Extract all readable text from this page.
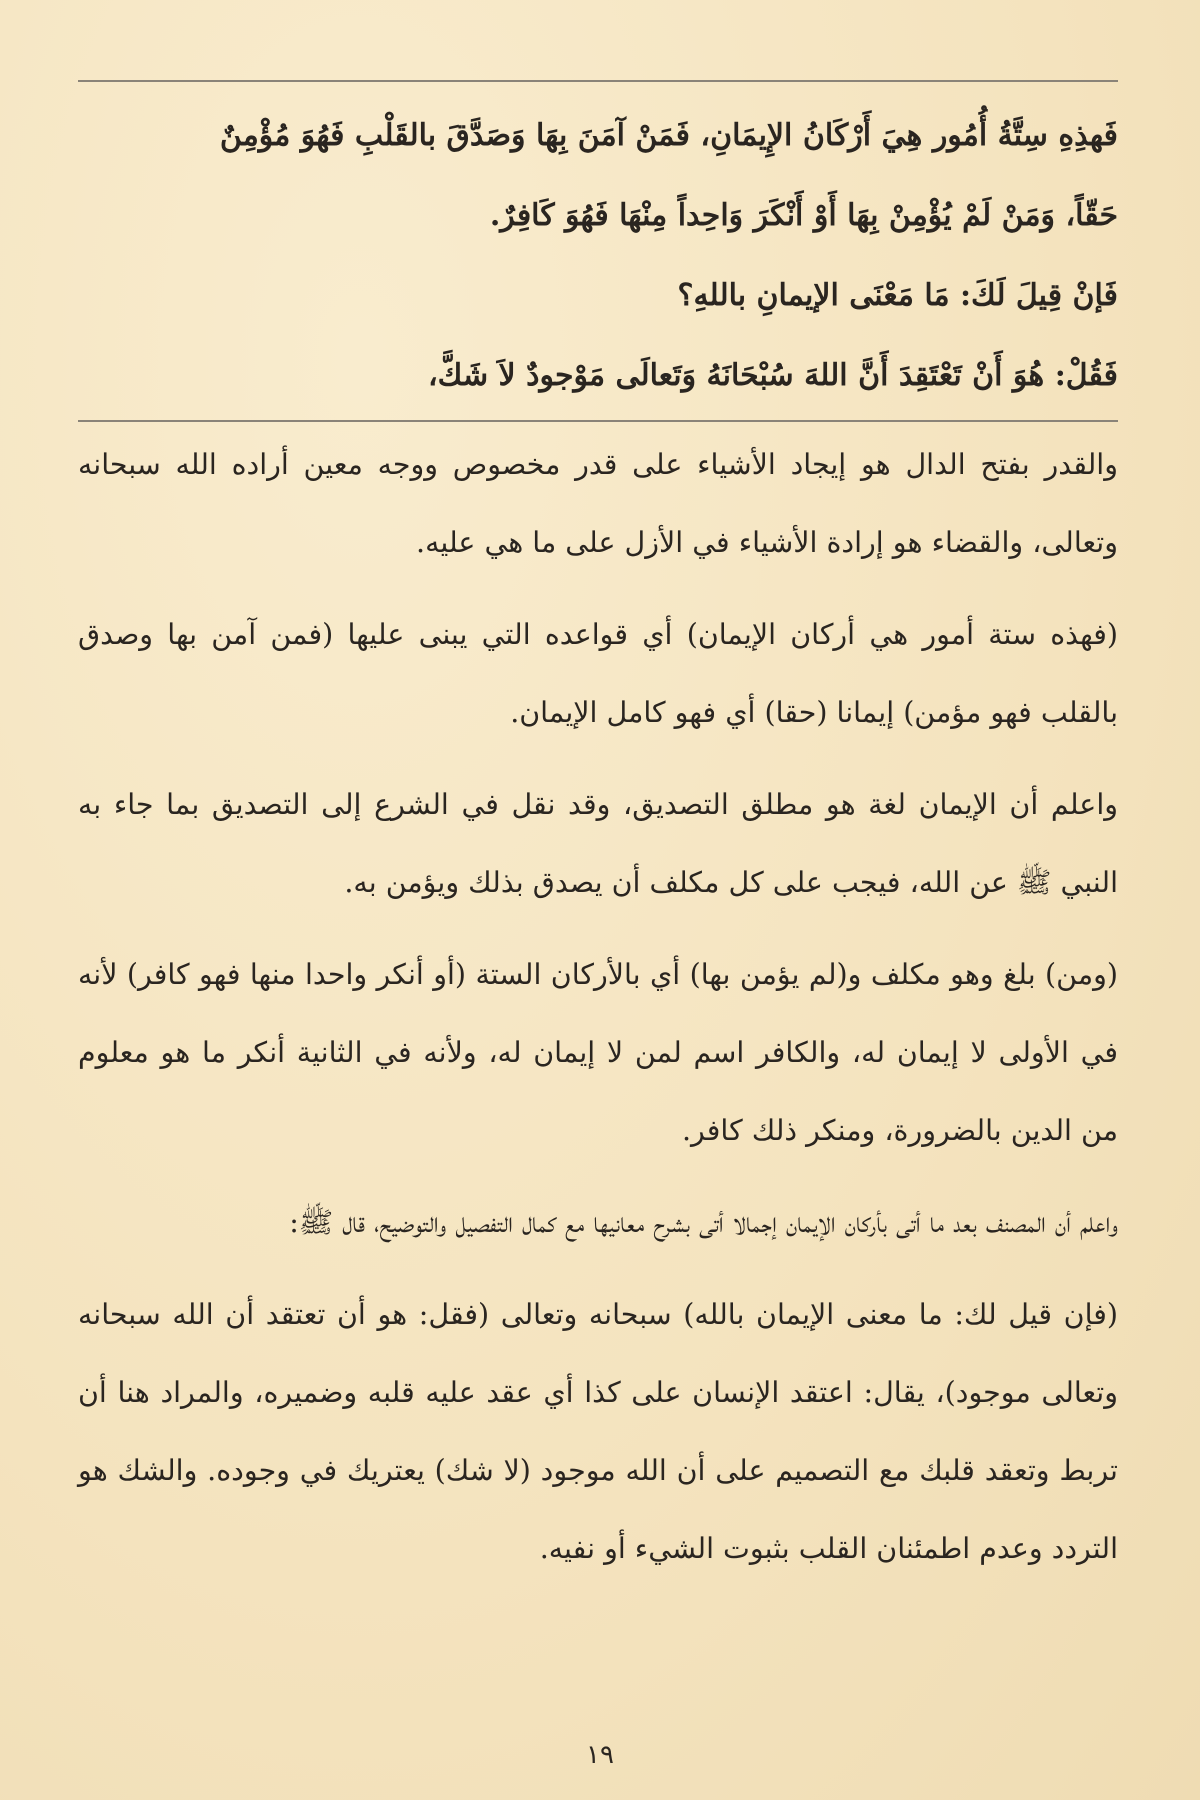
فَهذِهِ سِتَّةُ أُمُور هِيَ أَرْكَانُ الإِيمَانِ، فَمَنْ آمَنَ بِهَا وَصَدَّقَ بالقَلْبِ فَهُوَ مُؤْمِنٌ

حَقّاً، وَمَنْ لَمْ يُؤْمِنْ بِهَا أَوْ أَنْكَرَ وَاحِداً مِنْهَا فَهُوَ كَافِرٌ.

فَإنْ قِيلَ لَكَ: مَا مَعْنَى الإيمانِ باللهِ؟

فَقُلْ: هُوَ أَنْ تَعْتَقِدَ أَنَّ اللهَ سُبْحَانَهُ وَتَعالَى مَوْجودٌ لاَ شَكَّ،

والقدر بفتح الدال هو إيجاد الأشياء على قدر مخصوص ووجه معين أراده الله سبحانه وتعالى، والقضاء هو إرادة الأشياء في الأزل على ما هي عليه.

(فهذه ستة أمور هي أركان الإيمان) أي قواعده التي يبنى عليها (فمن آمن بها وصدق بالقلب فهو مؤمن) إيمانا (حقا) أي فهو كامل الإيمان.

واعلم أن الإيمان لغة هو مطلق التصديق، وقد نقل في الشرع إلى التصديق بما جاء به النبي ﷺ عن الله، فيجب على كل مكلف أن يصدق بذلك ويؤمن به.

(ومن) بلغ وهو مكلف و(لم يؤمن بها) أي بالأركان الستة (أو أنكر واحدا منها فهو كافر) لأنه في الأولى لا إيمان له، والكافر اسم لمن لا إيمان له، ولأنه في الثانية أنكر ما هو معلوم من الدين بالضرورة، ومنكر ذلك كافر.

واعلم أن المصنف بعد ما أتى بأركان الإيمان إجمالا أتى بشرح معانيها مع كمال التفصيل والتوضيح، قال ﷺ:

(فإن قيل لك: ما معنى الإيمان بالله) سبحانه وتعالى (فقل: هو أن تعتقد أن الله سبحانه وتعالى موجود)، يقال: اعتقد الإنسان على كذا أي عقد عليه قلبه وضميره، والمراد هنا أن تربط وتعقد قلبك مع التصميم على أن الله موجود (لا شك) يعتريك في وجوده. والشك هو التردد وعدم اطمئنان القلب بثبوت الشيء أو نفيه.

١٩
